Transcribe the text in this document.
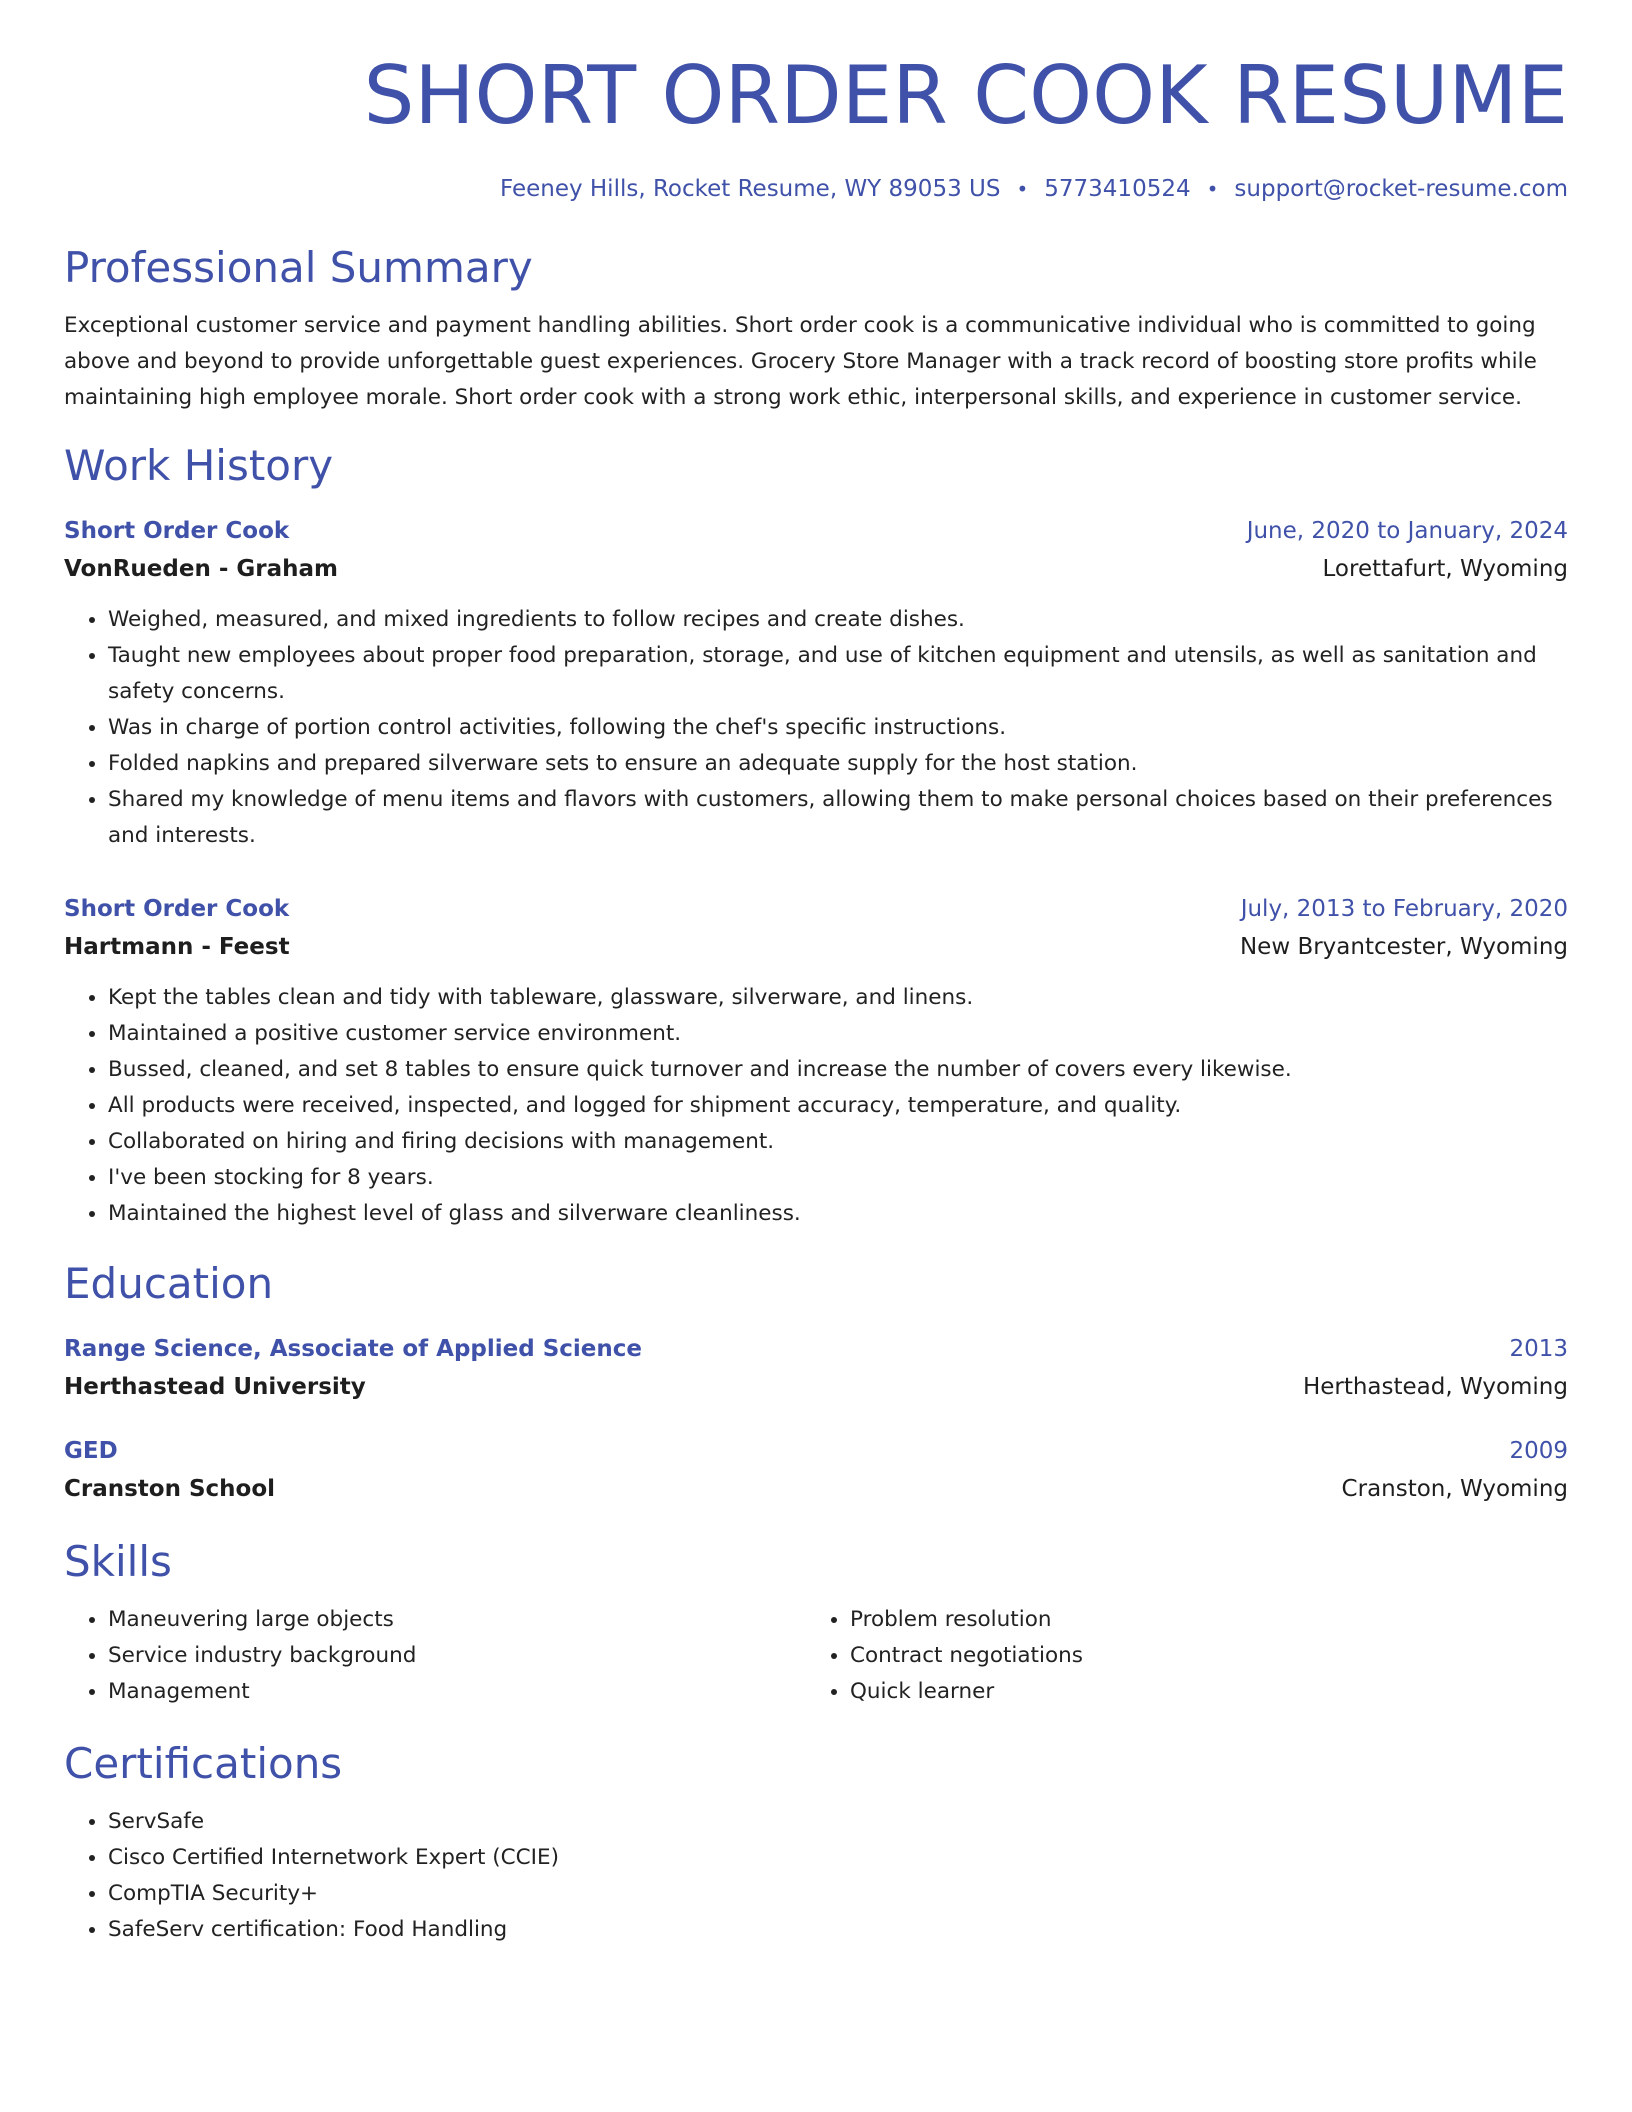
SHORT ORDER COOK RESUME
Feeney Hills, Rocket Resume, WY 89053 US • 5773410524 • support@rocket-resume.com
Professional Summary
Exceptional customer service and payment handling abilities. Short order cook is a communicative individual who is committed to going above and beyond to provide unforgettable guest experiences. Grocery Store Manager with a track record of boosting store profits while maintaining high employee morale. Short order cook with a strong work ethic, interpersonal skills, and experience in customer service.
Work History
Short Order Cook	June, 2020 to January, 2024
VonRueden - Graham	Lorettafurt, Wyoming
• Weighed, measured, and mixed ingredients to follow recipes and create dishes.
• Taught new employees about proper food preparation, storage, and use of kitchen equipment and utensils, as well as sanitation and safety concerns.
• Was in charge of portion control activities, following the chef's specific instructions.
• Folded napkins and prepared silverware sets to ensure an adequate supply for the host station.
• Shared my knowledge of menu items and flavors with customers, allowing them to make personal choices based on their preferences and interests.
Short Order Cook	July, 2013 to February, 2020
Hartmann - Feest	New Bryantcester, Wyoming
• Kept the tables clean and tidy with tableware, glassware, silverware, and linens.
• Maintained a positive customer service environment.
• Bussed, cleaned, and set 8 tables to ensure quick turnover and increase the number of covers every likewise.
• All products were received, inspected, and logged for shipment accuracy, temperature, and quality.
• Collaborated on hiring and firing decisions with management.
• I've been stocking for 8 years.
• Maintained the highest level of glass and silverware cleanliness.
Education
Range Science, Associate of Applied Science	2013
Herthastead University	Herthastead, Wyoming
GED	2009
Cranston School	Cranston, Wyoming
Skills
• Maneuvering large objects
• Service industry background
• Management
• Problem resolution
• Contract negotiations
• Quick learner
Certifications
• ServSafe
• Cisco Certified Internetwork Expert (CCIE)
• CompTIA Security+
• SafeServ certification: Food Handling
